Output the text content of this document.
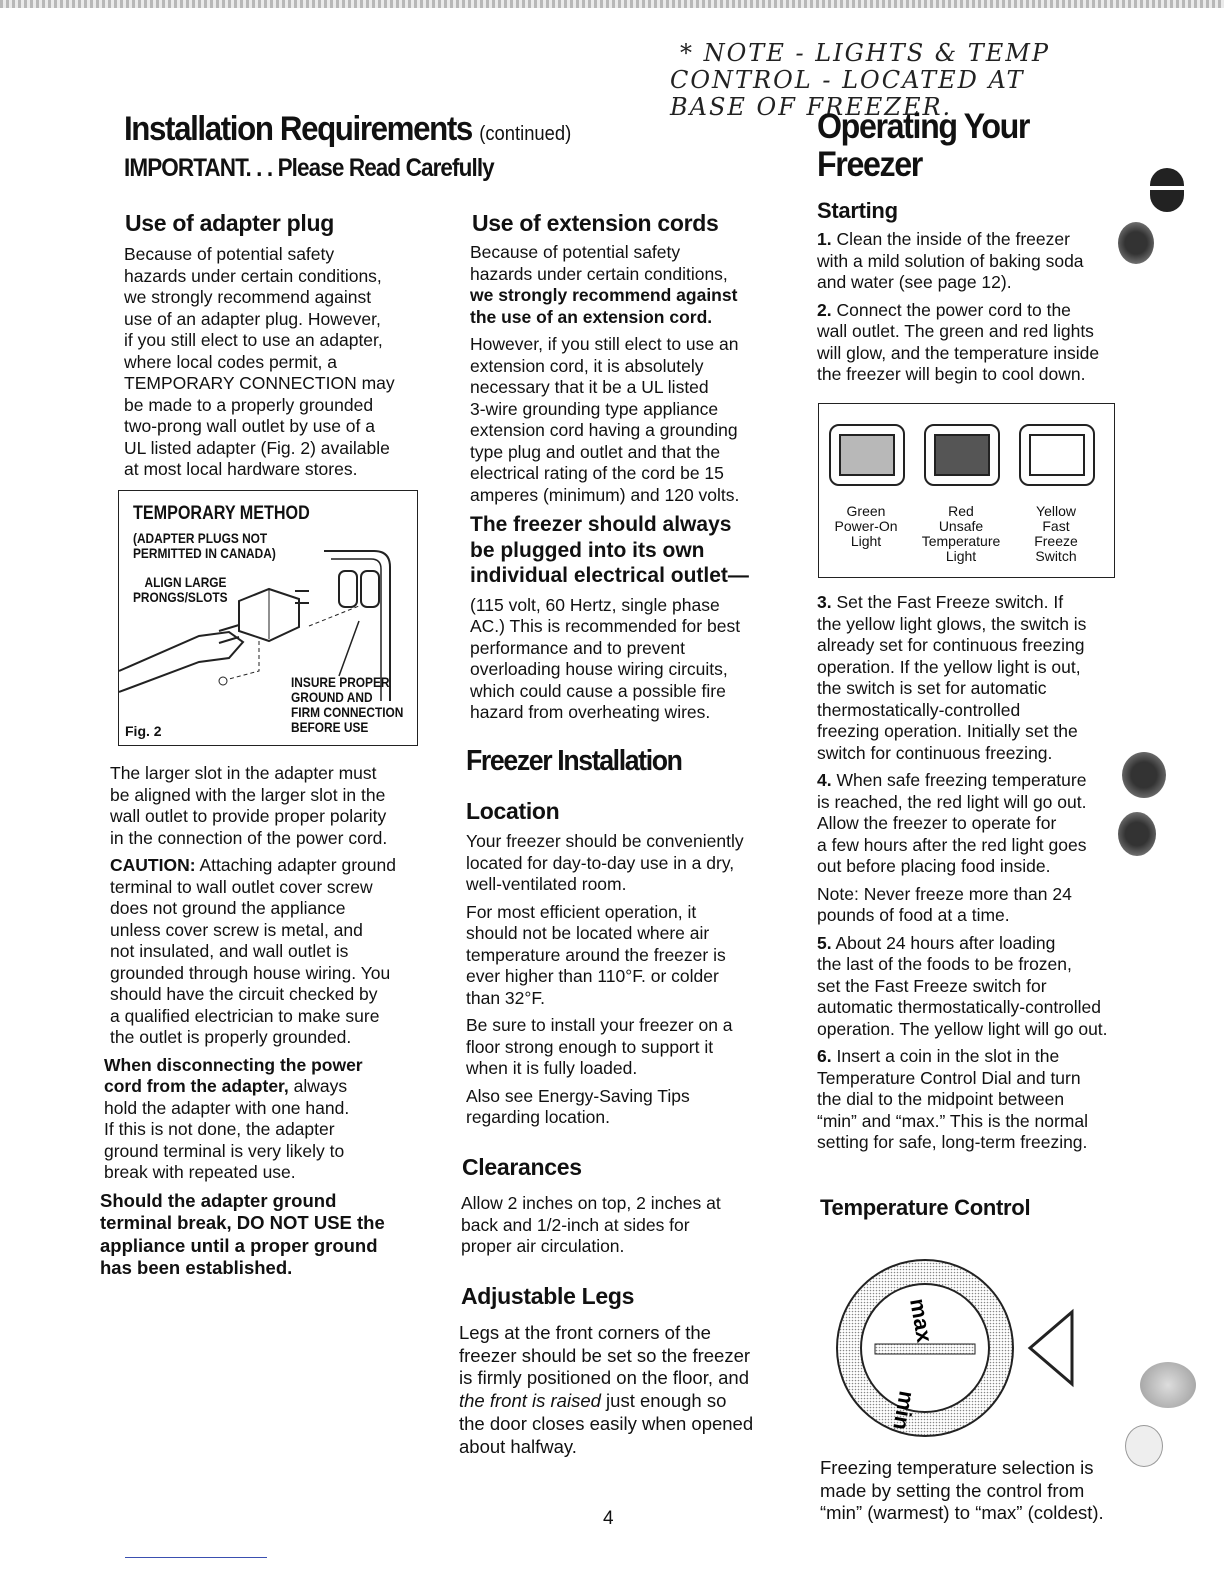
* NOTE - LIGHTS & TEMP
CONTROL - LOCATED AT
BASE OF FREEZER.
Installation Requirements (continued)
IMPORTANT. . . Please Read Carefully
Operating Your
Freezer
Use of adapter plug
Because of potential safety
hazards under certain conditions,
we strongly recommend against
use of an adapter plug. However,
if you still elect to use an adapter,
where local codes permit, a
TEMPORARY CONNECTION may
be made to a properly grounded
two-prong wall outlet by use of a
UL listed adapter (Fig. 2) available
at most local hardware stores.
TEMPORARY METHOD
(ADAPTER PLUGS NOT
PERMITTED IN CANADA)
ALIGN LARGE
PRONGS/SLOTS
INSURE PROPER
GROUND AND
FIRM CONNECTION
BEFORE USE
Fig. 2
The larger slot in the adapter must
be aligned with the larger slot in the
wall outlet to provide proper polarity
in the connection of the power cord.
CAUTION: Attaching adapter ground
terminal to wall outlet cover screw
does not ground the appliance
unless cover screw is metal, and
not insulated, and wall outlet is
grounded through house wiring. You
should have the circuit checked by
a qualified electrician to make sure
the outlet is properly grounded.
When disconnecting the power
cord from the adapter, always
hold the adapter with one hand.
If this is not done, the adapter
ground terminal is very likely to
break with repeated use.
Should the adapter ground
terminal break, DO NOT USE the
appliance until a proper ground
has been established.
Use of extension cords
Because of potential safety
hazards under certain conditions,
we strongly recommend against
the use of an extension cord.
However, if you still elect to use an
extension cord, it is absolutely
necessary that it be a UL listed
3-wire grounding type appliance
extension cord having a grounding
type plug and outlet and that the
electrical rating of the cord be 15
amperes (minimum) and 120 volts.
The freezer should always
be plugged into its own
individual electrical outlet—
(115 volt, 60 Hertz, single phase
AC.) This is recommended for best
performance and to prevent
overloading house wiring circuits,
which could cause a possible fire
hazard from overheating wires.
Freezer Installation
Location
Your freezer should be conveniently
located for day-to-day use in a dry,
well-ventilated room.
For most efficient operation, it
should not be located where air
temperature around the freezer is
ever higher than 110°F. or colder
than 32°F.
Be sure to install your freezer on a
floor strong enough to support it
when it is fully loaded.
Also see Energy-Saving Tips
regarding location.
Clearances
Allow 2 inches on top, 2 inches at
back and 1/2-inch at sides for
proper air circulation.
Adjustable Legs
Legs at the front corners of the
freezer should be set so the freezer
is firmly positioned on the floor, and
the front is raised just enough so
the door closes easily when opened
about halfway.
Starting
1. Clean the inside of the freezer
with a mild solution of baking soda
and water (see page 12).
2. Connect the power cord to the
wall outlet. The green and red lights
will glow, and the temperature inside
the freezer will begin to cool down.
Green
Power-On
Light
Red
Unsafe
Temperature
Light
Yellow
Fast
Freeze
Switch
3. Set the Fast Freeze switch. If
the yellow light glows, the switch is
already set for continuous freezing
operation. If the yellow light is out,
the switch is set for automatic
thermostatically-controlled
freezing operation. Initially set the
switch for continuous freezing.
4. When safe freezing temperature
is reached, the red light will go out.
Allow the freezer to operate for
a few hours after the red light goes
out before placing food inside.
Note: Never freeze more than 24
pounds of food at a time.
5. About 24 hours after loading
the last of the foods to be frozen,
set the Fast Freeze switch for
automatic thermostatically-controlled
operation. The yellow light will go out.
6. Insert a coin in the slot in the
Temperature Control Dial and turn
the dial to the midpoint between
“min” and “max.” This is the normal
setting for safe, long-term freezing.
Temperature Control
max
min
Freezing temperature selection is
made by setting the control from
“min” (warmest) to “max” (coldest).
4
